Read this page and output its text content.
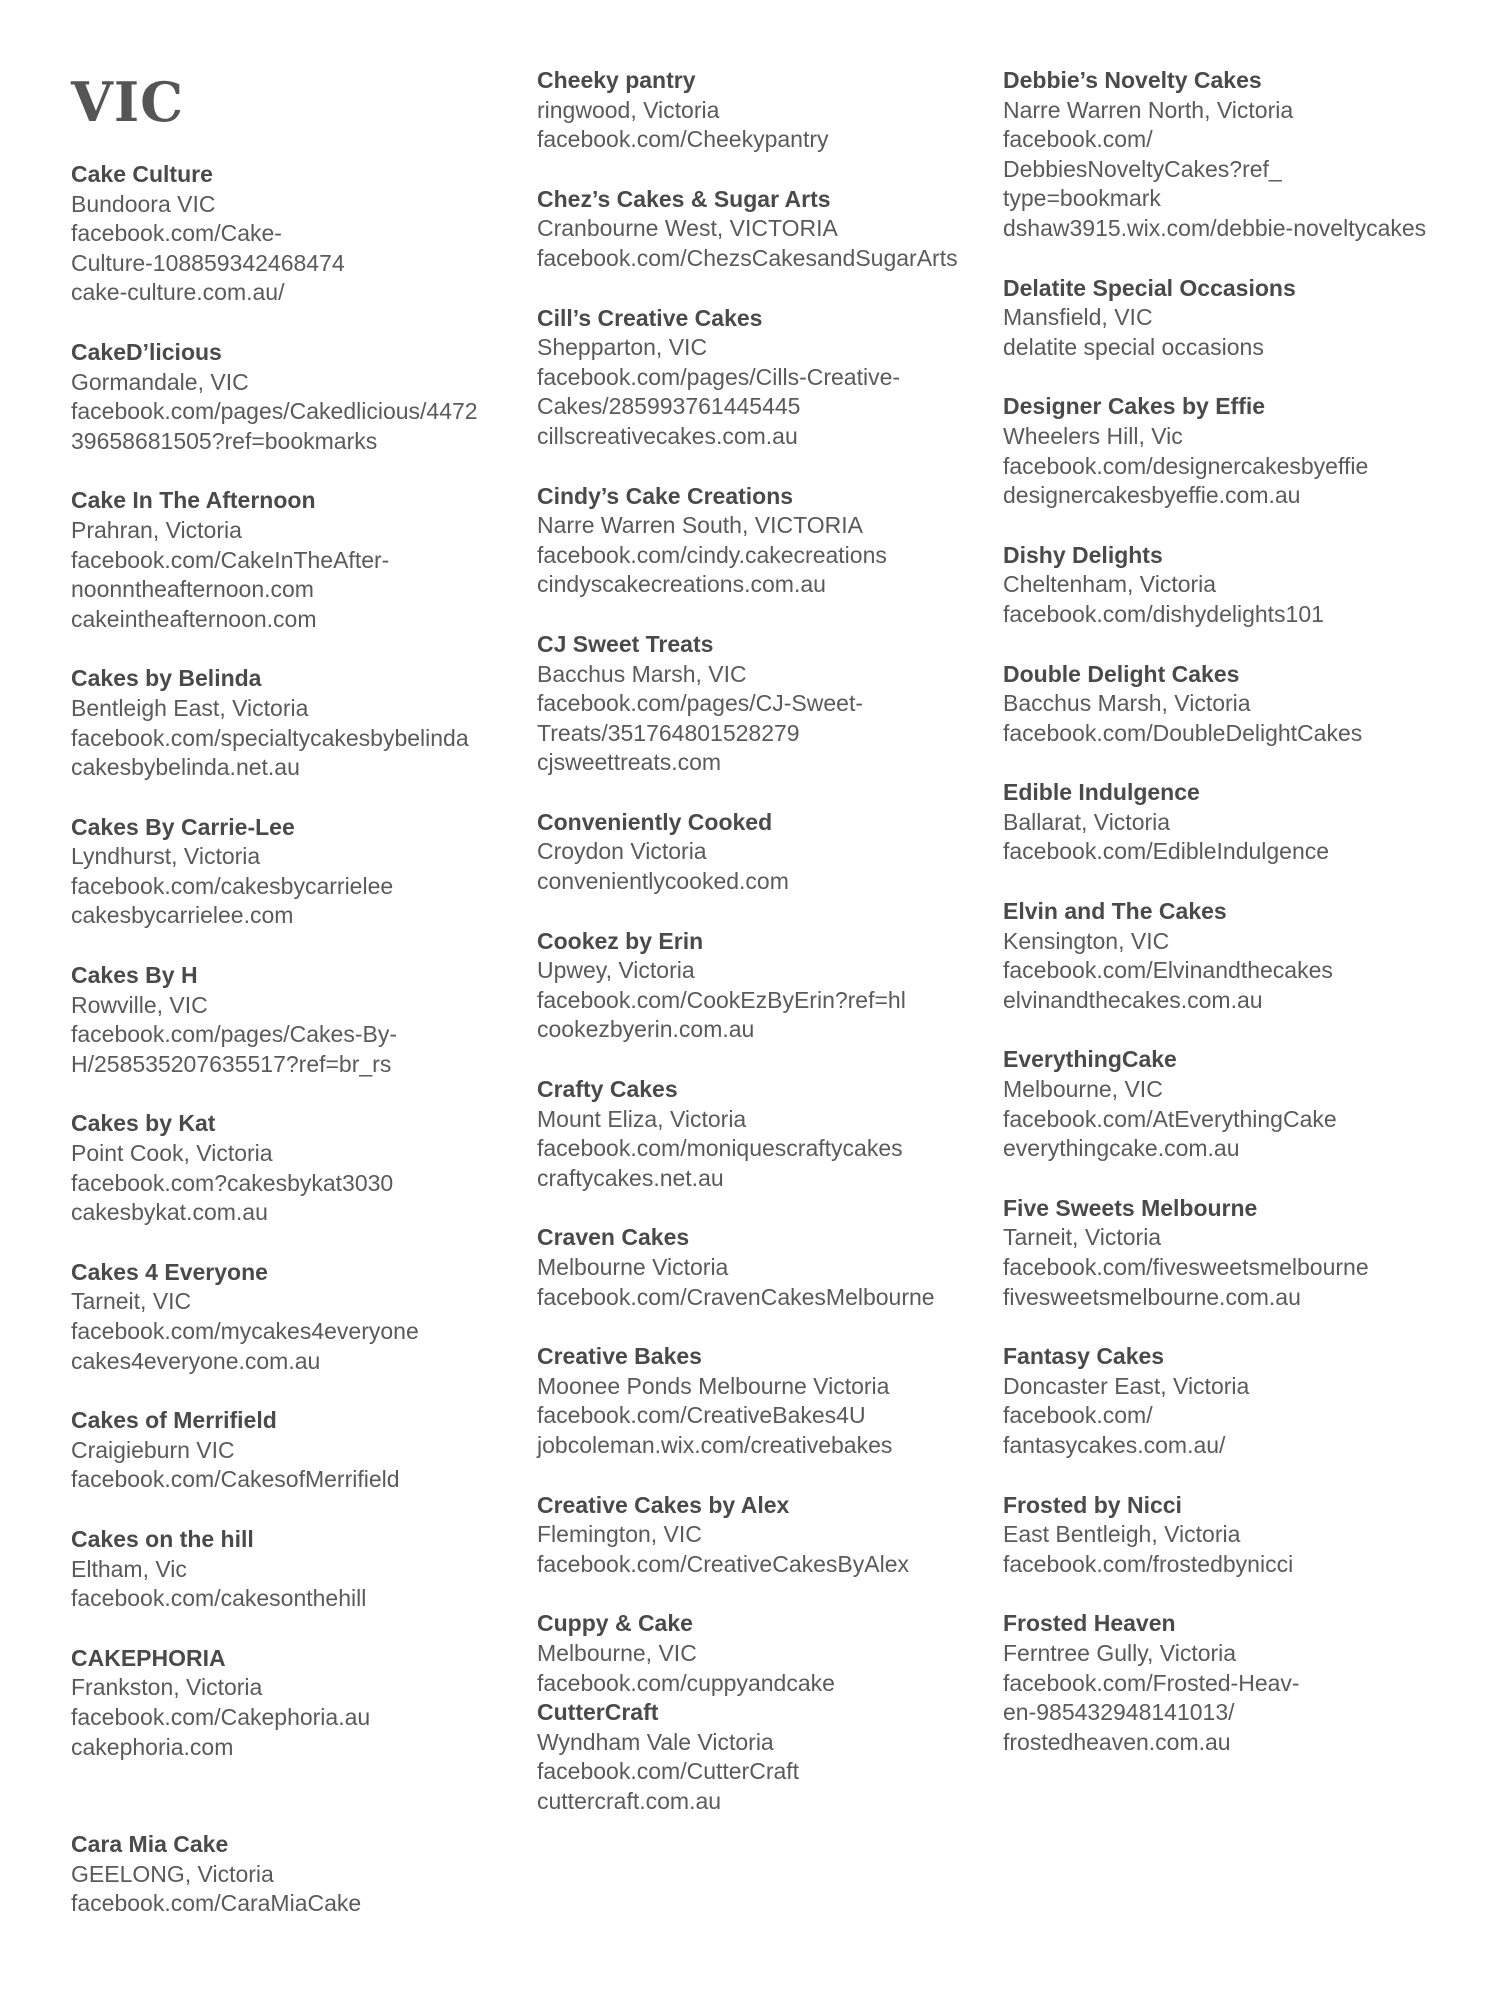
VIC
Cake Culture
Bundoora VIC
facebook.com/Cake-
Culture-108859342468474
cake-culture.com.au/
CakeD’licious
Gormandale, VIC
facebook.com/pages/Cakedlicious/4472
39658681505?ref=bookmarks
Cake In The Afternoon
Prahran, Victoria
facebook.com/CakeInTheAfter-
noonntheafternoon.com
cakeintheafternoon.com
Cakes by Belinda
Bentleigh East, Victoria
facebook.com/specialtycakesbybelinda
cakesbybelinda.net.au
Cakes By Carrie-Lee
Lyndhurst, Victoria
facebook.com/cakesbycarrielee
cakesbycarrielee.com
Cakes By H
Rowville, VIC
facebook.com/pages/Cakes-By-
H/258535207635517?ref=br_rs
Cakes by Kat
Point Cook, Victoria
facebook.com?cakesbykat3030
cakesbykat.com.au
Cakes 4 Everyone
Tarneit, VIC
facebook.com/mycakes4everyone
cakes4everyone.com.au
Cakes of Merrifield
Craigieburn VIC
facebook.com/CakesofMerrifield
Cakes on the hill
Eltham, Vic
facebook.com/cakesonthehill
CAKEPHORIA
Frankston, Victoria
facebook.com/Cakephoria.au
cakephoria.com
Cara Mia Cake
GEELONG, Victoria
facebook.com/CaraMiaCake
Cheeky pantry
ringwood, Victoria
facebook.com/Cheekypantry
Chez’s Cakes & Sugar Arts
Cranbourne West, VICTORIA
facebook.com/ChezsCakesandSugarArts
Cill’s Creative Cakes
Shepparton, VIC
facebook.com/pages/Cills-Creative-
Cakes/285993761445445
cillscreativecakes.com.au
Cindy’s Cake Creations
Narre Warren South, VICTORIA
facebook.com/cindy.cakecreations
cindyscakecreations.com.au
CJ Sweet Treats
Bacchus Marsh, VIC
facebook.com/pages/CJ-Sweet-
Treats/351764801528279
cjsweettreats.com
Conveniently Cooked
Croydon Victoria
convenientlycooked.com
Cookez by Erin
Upwey, Victoria
facebook.com/CookEzByErin?ref=hl
cookezbyerin.com.au
Crafty Cakes
Mount Eliza, Victoria
facebook.com/moniquescraftycakes
craftycakes.net.au
Craven Cakes
Melbourne Victoria
facebook.com/CravenCakesMelbourne
Creative Bakes
Moonee Ponds Melbourne Victoria
facebook.com/CreativeBakes4U
jobcoleman.wix.com/creativebakes
Creative Cakes by Alex
Flemington, VIC
facebook.com/CreativeCakesByAlex
Cuppy & Cake
Melbourne, VIC
facebook.com/cuppyandcake
CutterCraft
Wyndham Vale Victoria
facebook.com/CutterCraft
cuttercraft.com.au
Debbie’s Novelty Cakes
Narre Warren North, Victoria
facebook.com/
DebbiesNoveltyCakes?ref_
type=bookmark
dshaw3915.wix.com/debbie-noveltycakes
Delatite Special Occasions
Mansfield, VIC
delatite special occasions
Designer Cakes by Effie
Wheelers Hill, Vic
facebook.com/designercakesbyeffie
designercakesbyeffie.com.au
Dishy Delights
Cheltenham, Victoria
facebook.com/dishydelights101
Double Delight Cakes
Bacchus Marsh, Victoria
facebook.com/DoubleDelightCakes
Edible Indulgence
Ballarat, Victoria
facebook.com/EdibleIndulgence
Elvin and The Cakes
Kensington, VIC
facebook.com/Elvinandthecakes
elvinandthecakes.com.au
EverythingCake
Melbourne, VIC
facebook.com/AtEverythingCake
everythingcake.com.au
Five Sweets Melbourne
Tarneit, Victoria
facebook.com/fivesweetsmelbourne
fivesweetsmelbourne.com.au
Fantasy Cakes
Doncaster East, Victoria
facebook.com/
fantasycakes.com.au/
Frosted by Nicci
East Bentleigh, Victoria
facebook.com/frostedbynicci
Frosted Heaven
Ferntree Gully, Victoria
facebook.com/Frosted-Heav-
en-985432948141013/
frostedheaven.com.au
